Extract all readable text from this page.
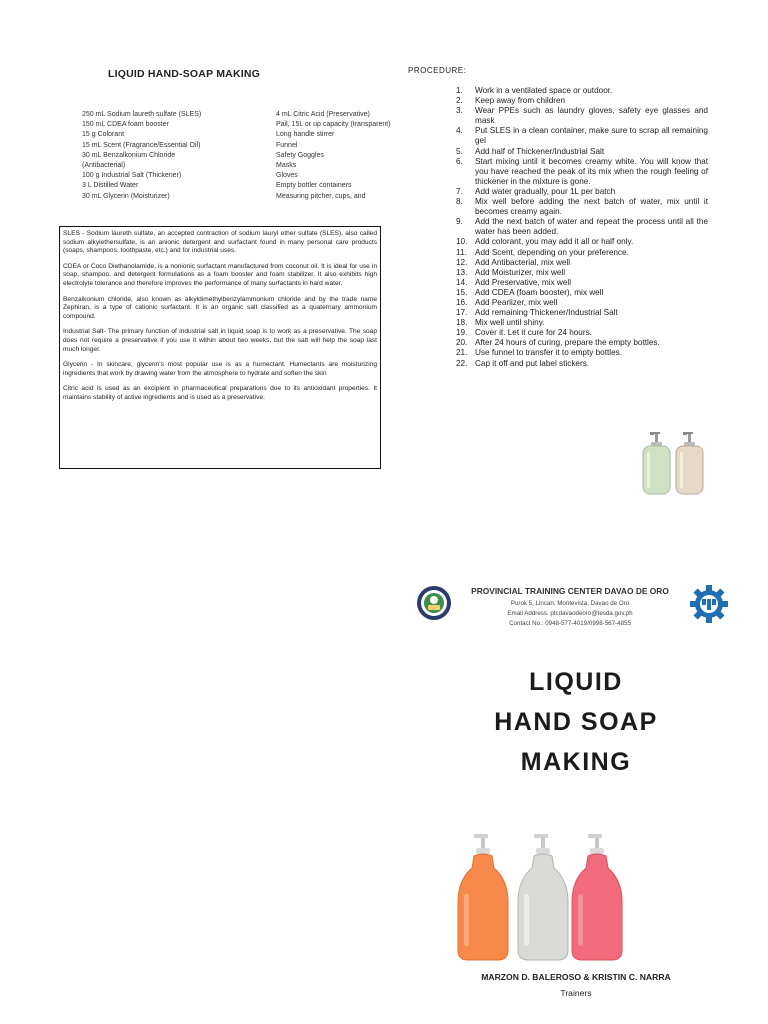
LIQUID HAND-SOAP MAKING
250 mL Sodium laureth sulfate (SLES)
150 mL CDEA foam booster
15 g Colorant
15 mL Scent (Fragrance/Essential Oil)
30 mL Benzalkonium Chloride
(Antibacterial)
100 g Industrial Salt (Thickener)
3 L Distilled Water
30 mL Glycerin (Moisturizer)
4 mL Citric Acid (Preservative)
Pail, 15L or up capacity (transparent)
Long handle stirrer
Funnel
Safety Goggles
Masks
Gloves
Empty bottler containers
Measuring pitcher, cups, and

SLES - Sodium laureth sulfate, an accepted contraction of sodium lauryl ether sulfate (SLES), also called sodium alkylethersulfate, is an anionic detergent and surfactant found in many personal care products (soaps, shampoos, toothpaste, etc.) and for industrial uses.

CDEA or Coco Diethanolamide, is a nonionic surfactant manufactured from coconut oil. It is ideal for use in soap, shampoo, and detergent formulations as a foam booster and foam stabilizer. It also exhibits high electrolyte tolerance and therefore improves the performance of many surfactants in hard water.

Benzalkonium chloride, also known as alkyldimethylbenzylammonium chloride and by the trade name Zephiran, is a type of cationic surfactant. It is an organic salt classified as a quaternary ammonium compound.

Industrial Salt- The primary function of industrial salt in liquid soap is to work as a preservative. The soap does not require a preservative if you use it within about two weeks, but the salt will help the soap last much longer.

Glycerin - In skincare, glycerin's most popular use is as a humectant. Humectants are moisturizing ingredients that work by drawing water from the atmosphere to hydrate and soften the skin

Citric acid is used as an excipient in pharmaceutical preparations due to its antioxidant properties. It maintains stability of active ingredients and is used as a preservative.

PROCEDURE:
1.	Work in a ventilated space or outdoor.
2.	Keep away from children
3.	Wear PPEs such as laundry gloves, safety eye glasses and mask
4.	Put SLES in a clean container, make sure to scrap all remaining gel
5.	Add half of Thickener/Industrial Salt
6.	Start mixing until it becomes creamy white. You will know that you have reached the peak of its mix when the rough feeling of thickener in the mixture is gone.
7.	Add water gradually, pour 1L per batch
8.	Mix well before adding the next batch of water, mix until it becomes creamy again.
9.	Add the next batch of water and repeat the process until all the water has been added.
10. Add colorant, you may add it all or half only.
11.	Add Scent, depending on your preference.
12. Add Antibacterial, mix well
13. Add Moisturizer, mix well
14. Add Preservative, mix well
15. Add CDEA (foam booster), mix well
16. Add Pearlizer, mix well
17. Add remaining Thickener/Industrial Salt
18. Mix well until shiny.
19. Cover it. Let it cure for 24 hours.
20. After 24 hours of curing, prepare the empty bottles.
21. Use funnel to transfer it to empty bottles.
22. Cap it off and put label stickers.
PROVINCIAL TRAINING CENTER DAVAO DE ORO
Purok 5, Lincan, Montevista, Davao de Oro
Email Address: ptcdavaodeoro@tesda.gov.ph
Contact No.: 0948-577-4019/0998-567-4855
LIQUID
HAND SOAP
MAKING
MARZON D. BALEROSO & KRISTIN C. NARRA
Trainers
